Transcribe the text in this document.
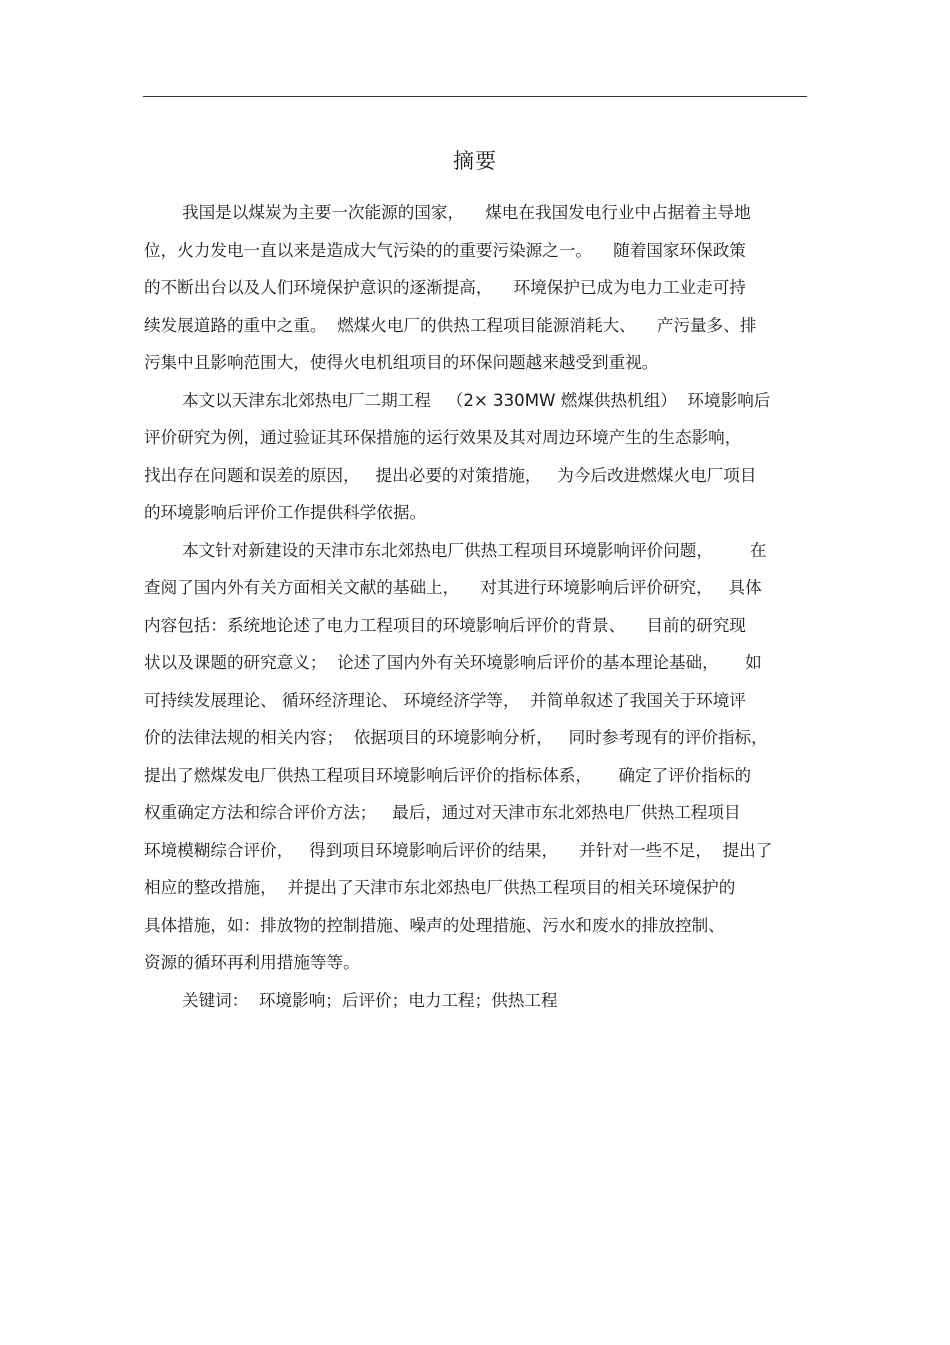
摘要
我国是以煤炭为主要一次能源的国家，    煤电在我国发电行业中占据着主导地
位，火力发电一直以来是造成大气污染的的重要污染源之一。    随着国家环保政策
的不断出台以及人们环境保护意识的逐渐提高，    环境保护已成为电力工业走可持
续发展道路的重中之重。  燃煤火电厂的供热工程项目能源消耗大、    产污量多、排
污集中且影响范围大，使得火电机组项目的环保问题越来越受到重视。
本文以天津东北郊热电厂二期工程   （2× 330MW 燃煤供热机组）  环境影响后
评价研究为例，通过验证其环保措施的运行效果及其对周边环境产生的生态影响，
找出存在问题和误差的原因，   提出必要的对策措施，   为今后改进燃煤火电厂项目
的环境影响后评价工作提供科学依据。
本文针对新建设的天津市东北郊热电厂供热工程项目环境影响评价问题，       在
查阅了国内外有关方面相关文献的基础上，    对其进行环境影响后评价研究，   具体
内容包括：系统地论述了电力工程项目的环境影响后评价的背景、    目前的研究现
状以及课题的研究意义；  论述了国内外有关环境影响后评价的基本理论基础，     如
可持续发展理论、 循环经济理论、 环境经济学等，  并简单叙述了我国关于环境评
价的法律法规的相关内容；  依据项目的环境影响分析，   同时参考现有的评价指标，
提出了燃煤发电厂供热工程项目环境影响后评价的指标体系，     确定了评价指标的
权重确定方法和综合评价方法；   最后，通过对天津市东北郊热电厂供热工程项目
环境模糊综合评价，   得到项目环境影响后评价的结果，    并针对一些不足，  提出了
相应的整改措施，  并提出了天津市东北郊热电厂供热工程项目的相关环境保护的
具体措施，如：排放物的控制措施、噪声的处理措施、污水和废水的排放控制、
资源的循环再利用措施等等。
关键词：  环境影响；后评价；电力工程；供热工程
